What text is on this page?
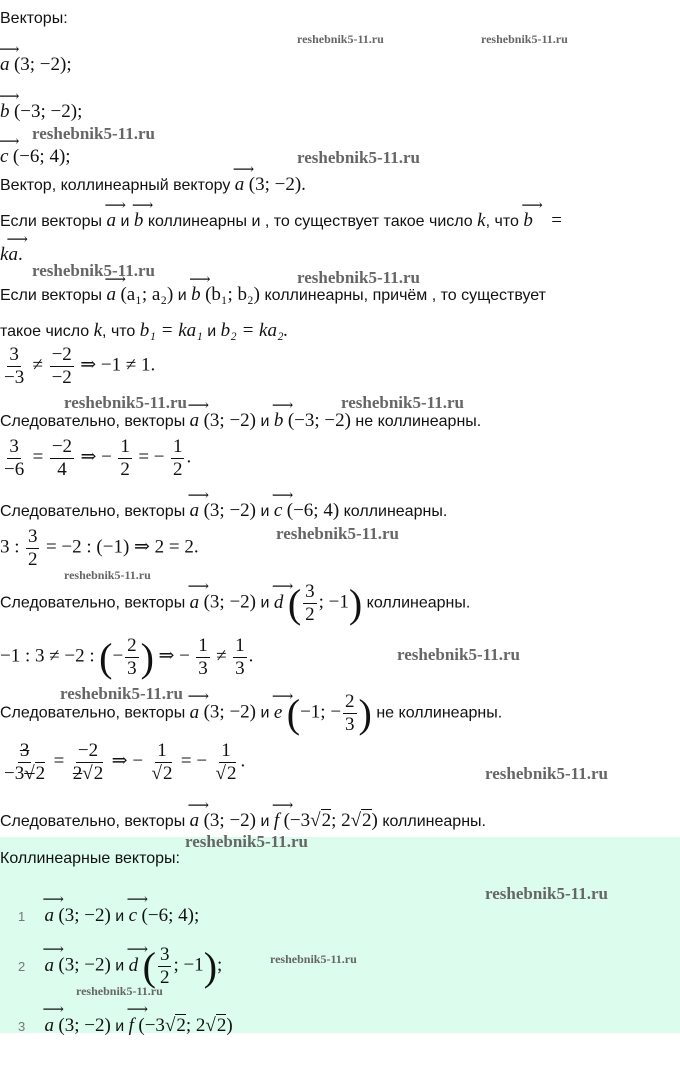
Векторы:
⟶ a (3; −2);
⟶ b (−3; −2);
⟶ c (−6; 4);
Вектор, коллинеарный вектору ⟶ a (3; −2).
Если векторы ⟶ a и ⟶ b коллинеарны и , то существует такое число k, что ⟶ b =
k⟶ a.
Если векторы ⟶ a (a₁; a₂) и ⟶ b (b₁; b₂) коллинеарны, причём , то существует
такое число k, что b₁ = ka₁ и b₂ = ka₂.
$\frac{3}{-3} \ne \frac{-2}{-2}$ ⇒ −1 ≠ 1.
Следовательно, векторы ⟶ a (3; −2) и ⟶ b (−3; −2) не коллинеарны.
$\frac{3}{-6} = \frac{-2}{4}$ ⇒ − $\frac{1}{2}$ = − $\frac{1}{2}$ .
Следовательно, векторы ⟶ a (3; −2) и ⟶ c (−6; 4) коллинеарны.
3 : $\frac{3}{2} = -2$ : (−1) ⇒ 2 = 2.
Следовательно, векторы ⟶ a (3; −2) и ⟶ d ( $\frac{3}{2}$ ; −1) коллинеарны.
−1 : 3 ≠ −2 : (− $\frac{2}{3}$ ) ⇒ − $\frac{1}{3} \ne \frac{1}{3}$ .
Следовательно, векторы ⟶ a (3; −2) и ⟶ e (−1; − $\frac{2}{3}$ ) не коллинеарны.
$\frac{3}{-3√2} = \frac{-2}{2√2}$ ⇒ − $\frac{1}{√2}$ = − $\frac{1}{√2}$ .
Следовательно, векторы ⟶ a (3; −2) и ⟶ f (−3√2; 2√2) коллинеарны.
Коллинеарные векторы:
1 ⟶ a (3; −2) и ⟶ c (−6; 4);
2 ⟶ a (3; −2) и ⟶ d ( $\frac{3}{2}$ ; −1);
3 ⟶ a (3; −2) и ⟶ f (−3√2; 2√2)
reshebnik5-11.ru	reshebnik5-11.ru
reshebnik5-11.ru
reshebnik5-11.ru
reshebnik5-11.ru	reshebnik5-11.ru
reshebnik5-11.ru	reshebnik5-11.ru
reshebnik5-11.ru
reshebnik5-11.ru
reshebnik5-11.ru
reshebnik5-11.ru
reshebnik5-11.ru
reshebnik5-11.ru
reshebnik5-11.ru
reshebnik5-11.ru
reshebnik5-11.ru
